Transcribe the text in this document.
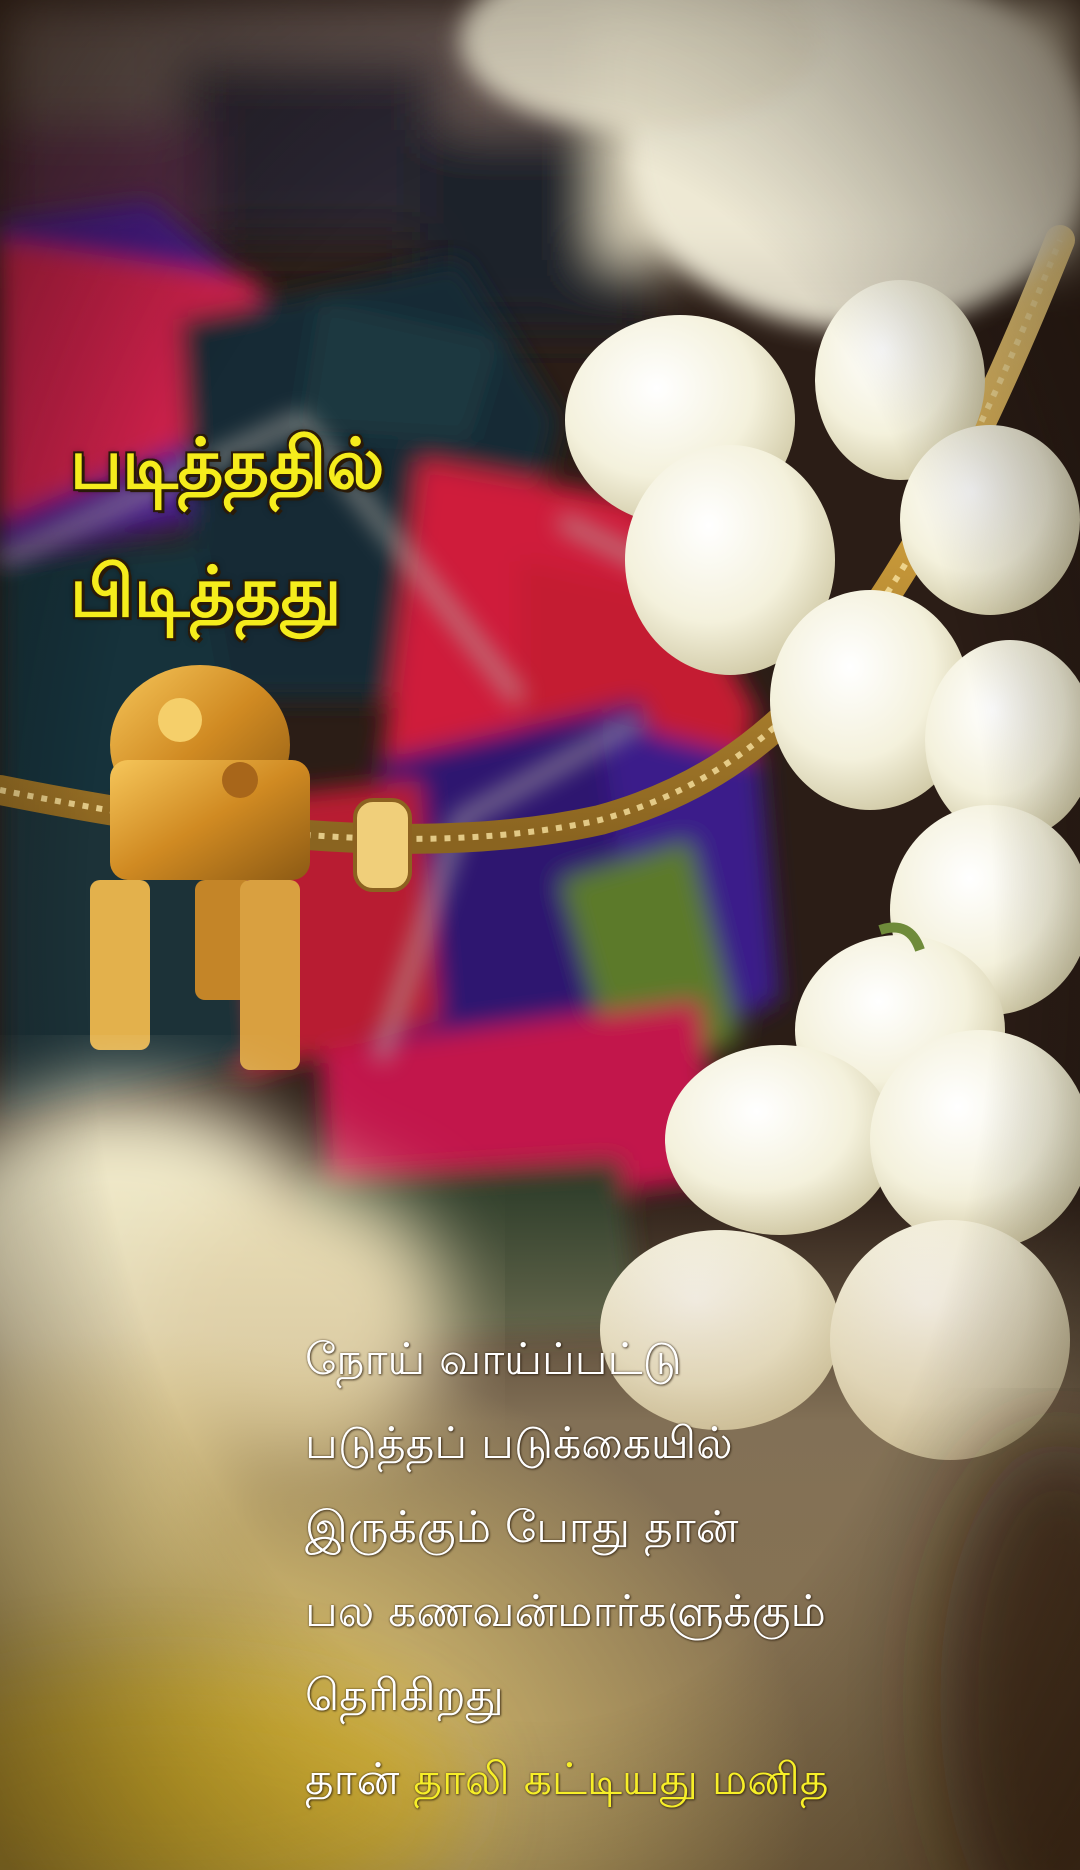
படித்ததில்
பிடித்தது
நோய் வாய்ப்பட்டு
படுத்தப் படுக்கையில்
இருக்கும் போது தான்
பல கணவன்மார்களுக்கும்
தெரிகிறது
தான் தாலி கட்டியது மனித
